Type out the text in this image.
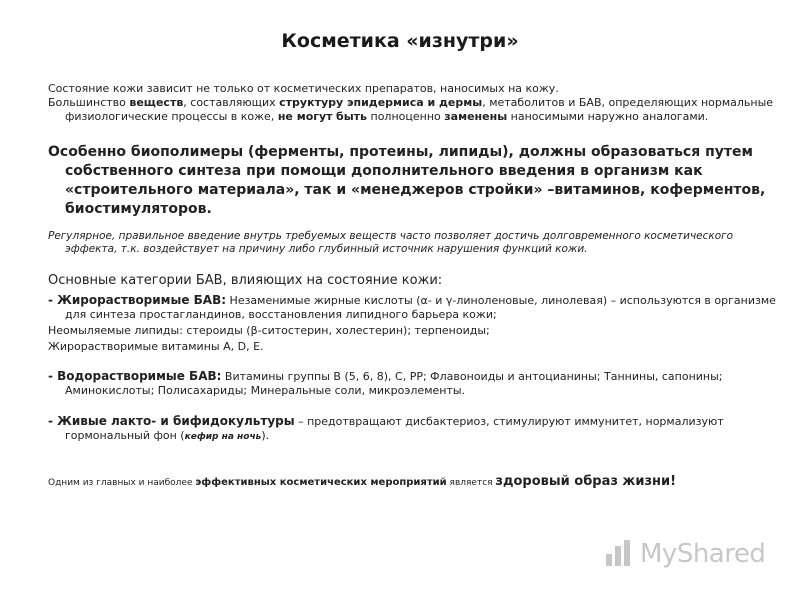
Косметика «изнутри»
Состояние кожи зависит не только от косметических препаратов, наносимых на кожу.
Большинство веществ, составляющих структуру эпидермиса и дермы, метаболитов и БАВ, определяющих нормальные физиологические процессы в коже, не могут быть полноценно заменены наносимыми наружно аналогами.
Особенно биополимеры (ферменты, протеины, липиды), должны образоваться путем собственного синтеза при помощи дополнительного введения в организм как «строительного материала», так и «менеджеров стройки» –витаминов, коферментов, биостимуляторов.
Регулярное, правильное введение внутрь требуемых веществ часто позволяет достичь долговременного косметического эффекта, т.к. воздействует на причину либо глубинный источник нарушения функций кожи.
Основные категории БАВ, влияющих на состояние кожи:
- Жирорастворимые БАВ: Незаменимые жирные кислоты (α- и γ-линоленовые, линолевая) – используются в организме для синтеза простагландинов, восстановления липидного барьера кожи;
Неомыляемые липиды: стероиды (β-ситостерин, холестерин); терпеноиды;
Жирорастворимые витамины A, D, E.
- Водорастворимые БАВ: Витамины группы В (5, 6, 8), С, РР; Флавоноиды и антоцианины; Таннины, сапонины; Аминокислоты; Полисахариды; Минеральные соли, микроэлементы.
- Живые лакто- и бифидокультуры – предотвращают дисбактериоз, стимулируют иммунитет, нормализуют гормональный фон (кефир на ночь).
Одним из главных и наиболее эффективных косметических мероприятий является здоровый образ жизни!
MyShared
